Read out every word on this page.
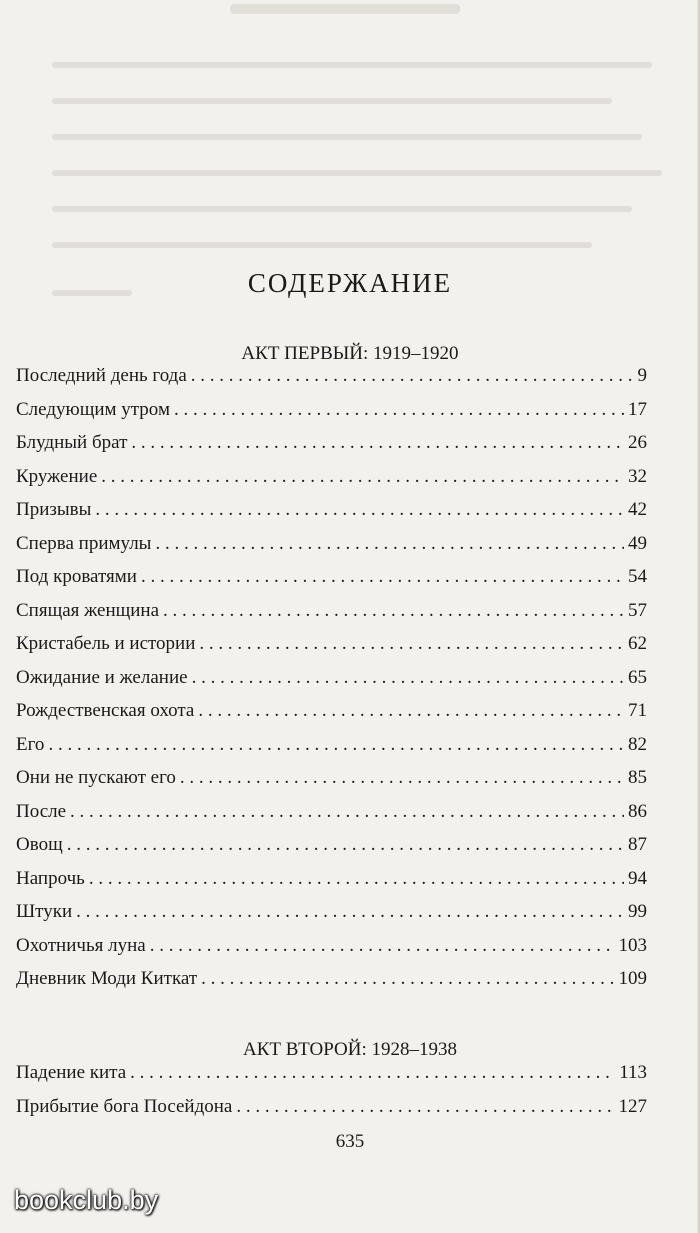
СОДЕРЖАНИЕ
АКТ ПЕРВЫЙ: 1919–1920
Последний день года . . .	9
Следующим утром . . .	17
Блудный брат . . .	26
Кружение . . .	32
Призывы . . .	42
Сперва примулы . . .	49
Под кроватями . . .	54
Спящая женщина . . .	57
Кристабель и истории . . .	62
Ожидание и желание . . .	65
Рождественская охота . . .	71
Его . . .	82
Они не пускают его . . .	85
После . . .	86
Овощ . . .	87
Напрочь . . .	94
Штуки . . .	99
Охотничья луна . . .	103
Дневник Моди Киткат . . .	109
АКТ ВТОРОЙ: 1928–1938
Падение кита . . .	113
Прибытие бога Посейдона . . .	127
635
bookclub.by
